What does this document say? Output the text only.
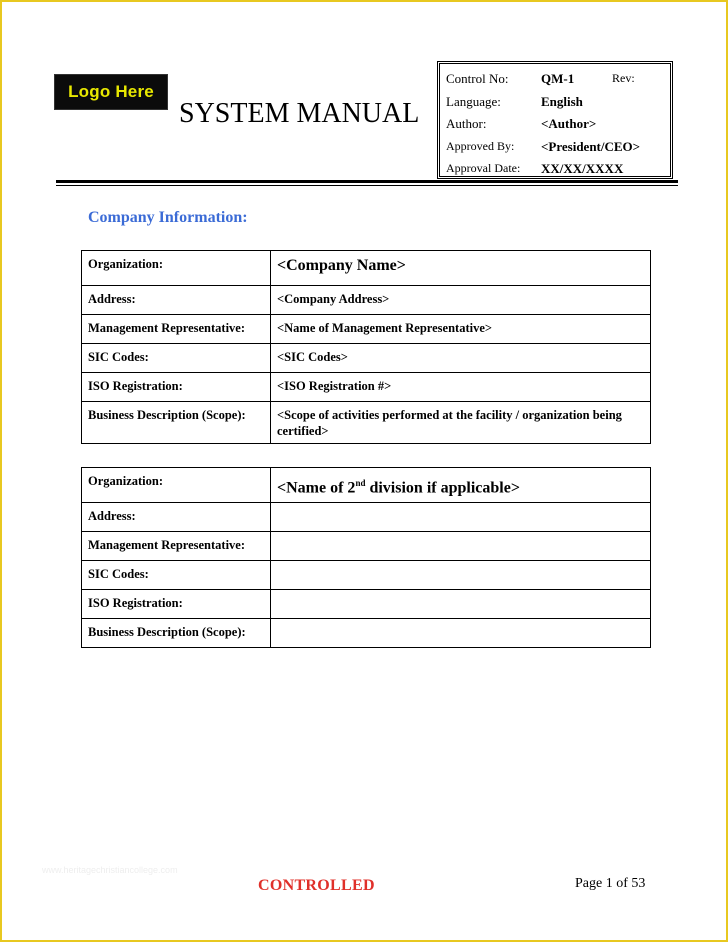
Logo Here
SYSTEM MANUAL
Control No:	QM-1	Rev:
Language:	English
Author:	<Author>
Approved By: <President/CEO>
Approval Date: XX/XX/XXXX
Company Information:
Organization:	<Company Name>
Address:	<Company Address>
Management Representative:	<Name of Management Representative>
SIC Codes:	<SIC Codes>
ISO Registration:	<ISO Registration #>
Business Description (Scope):	<Scope of activities performed at the facility / organization being certified>
Organization:	<Name of 2nd division if applicable>
Address:	
Management Representative:	
SIC Codes:	
ISO Registration:	
Business Description (Scope):	
www.heritagechristiancollege.com
CONTROLLED	Page 1 of 53
